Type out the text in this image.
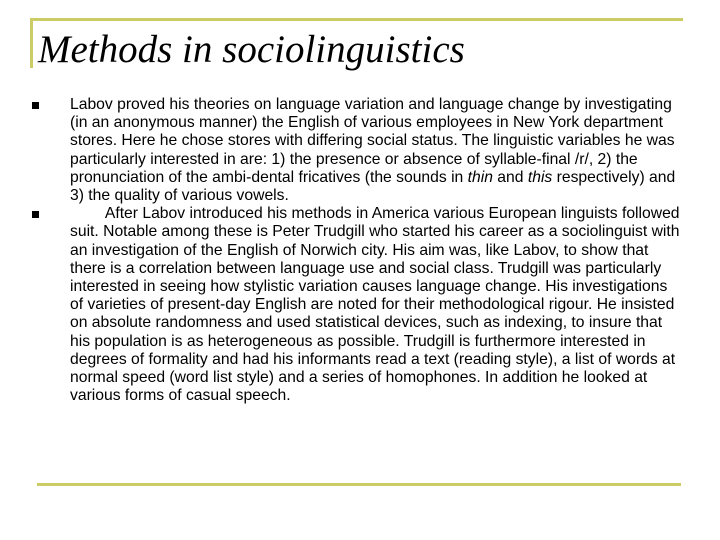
Methods in sociolinguistics
Labov proved his theories on language variation and language change by investigating (in an anonymous manner) the English of various employees in New York department stores. Here he chose stores with differing social status. The linguistic variables he was particularly interested in are: 1) the presence or absence of syllable-final /r/, 2) the pronunciation of the ambi-dental fricatives (the sounds in thin and this respectively) and 3) the quality of various vowels.
After Labov introduced his methods in America various European linguists followed suit. Notable among these is Peter Trudgill who started his career as a sociolinguist with an investigation of the English of Norwich city. His aim was, like Labov, to show that there is a correlation between language use and social class. Trudgill was particularly interested in seeing how stylistic variation causes language change. His investigations of varieties of present-day English are noted for their methodological rigour. He insisted on absolute randomness and used statistical devices, such as indexing, to insure that his population is as heterogeneous as possible. Trudgill is furthermore interested in degrees of formality and had his informants read a text (reading style), a list of words at normal speed (word list style) and a series of homophones. In addition he looked at various forms of casual speech.
